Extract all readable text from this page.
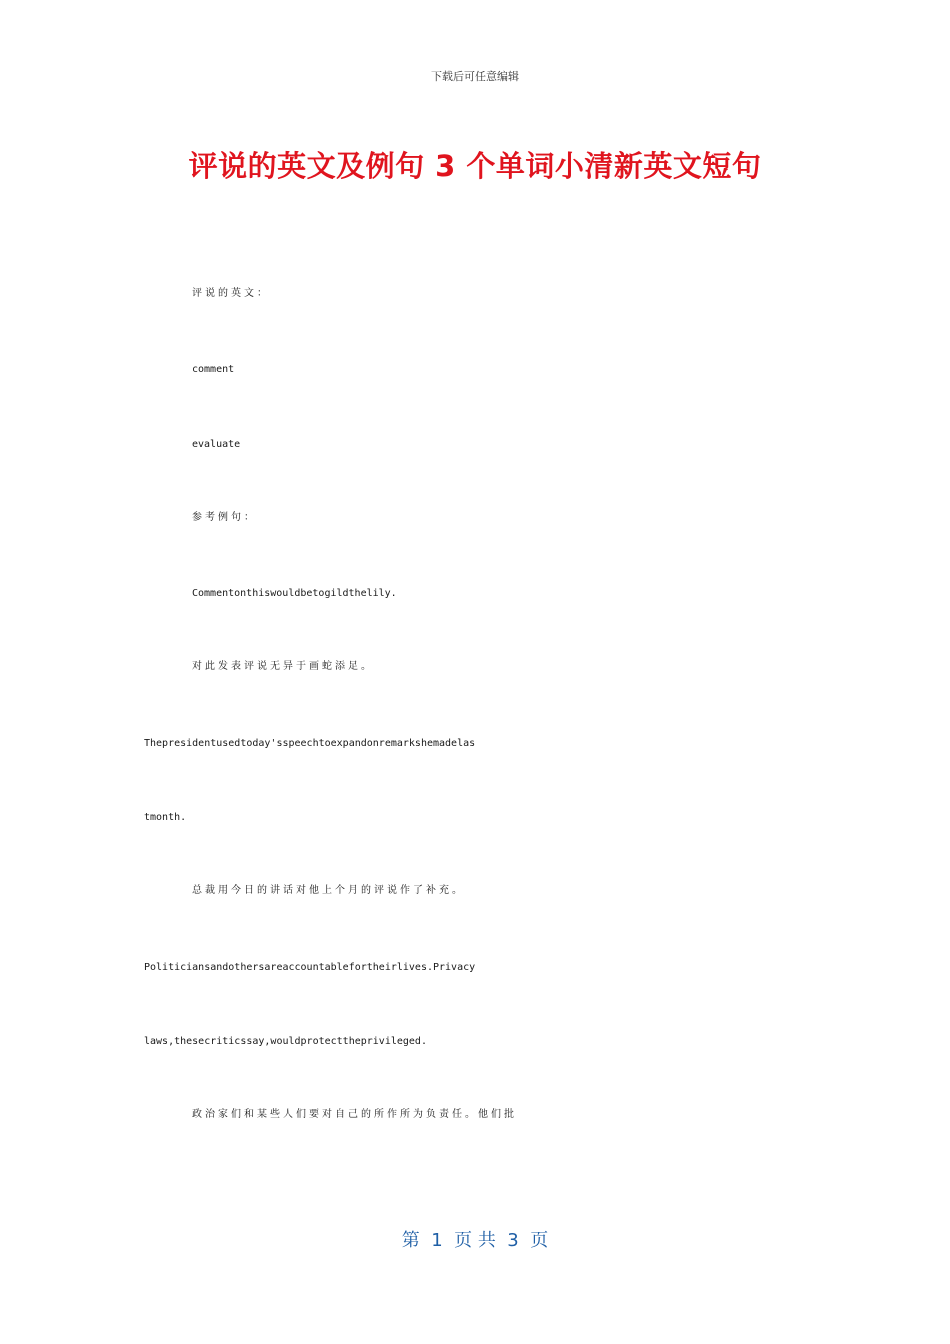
下载后可任意编辑
评说的英文及例句 3 个单词小清新英文短句
评说的英文：
comment
evaluate
参考例句：
Commentonthiswouldbetogildthelily.
对此发表评说无异于画蛇添足。
Thepresidentusedtoday'sspeechtoexpandonremarkshemadelas
tmonth.
总裁用今日的讲话对他上个月的评说作了补充。
Politiciansandothersareaccountablefortheirlives.Privacy
laws,thesecriticssay,wouldprotecttheprivileged.
政治家们和某些人们要对自己的所作所为负责任。他们批
第  1  页 共  3  页
